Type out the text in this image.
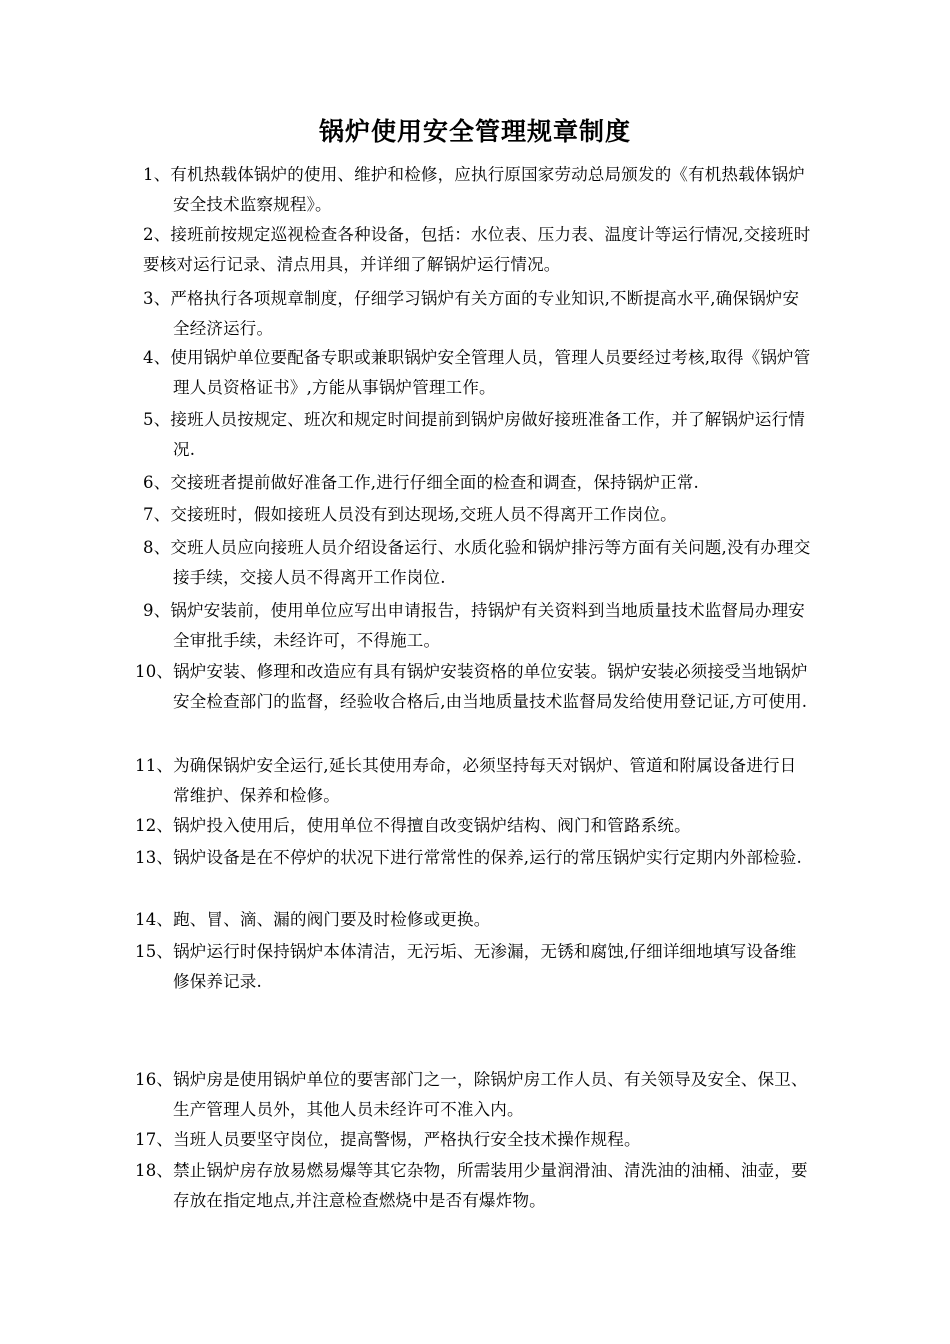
锅炉使用安全管理规章制度
1、有机热载体锅炉的使用、维护和检修，应执行原国家劳动总局颁发的《有机热载体锅炉安全技术监察规程》。
2、接班前按规定巡视检查各种设备，包括：水位表、压力表、温度计等运行情况,交接班时要核对运行记录、清点用具，并详细了解锅炉运行情况。
3、严格执行各项规章制度，仔细学习锅炉有关方面的专业知识,不断提高水平,确保锅炉安全经济运行。
4、使用锅炉单位要配备专职或兼职锅炉安全管理人员，管理人员要经过考核,取得《锅炉管理人员资格证书》,方能从事锅炉管理工作。
5、接班人员按规定、班次和规定时间提前到锅炉房做好接班准备工作，并了解锅炉运行情况.
6、交接班者提前做好准备工作,进行仔细全面的检查和调查，保持锅炉正常.
7、交接班时，假如接班人员没有到达现场,交班人员不得离开工作岗位。
8、交班人员应向接班人员介绍设备运行、水质化验和锅炉排污等方面有关问题,没有办理交接手续，交接人员不得离开工作岗位.
9、锅炉安装前，使用单位应写出申请报告，持锅炉有关资料到当地质量技术监督局办理安全审批手续，未经许可，不得施工。
10、锅炉安装、修理和改造应有具有锅炉安装资格的单位安装。锅炉安装必须接受当地锅炉安全检查部门的监督，经验收合格后,由当地质量技术监督局发给使用登记证,方可使用.
11、为确保锅炉安全运行,延长其使用寿命，必须坚持每天对锅炉、管道和附属设备进行日常维护、保养和检修。
12、锅炉投入使用后，使用单位不得擅自改变锅炉结构、阀门和管路系统。
13、锅炉设备是在不停炉的状况下进行常常性的保养,运行的常压锅炉实行定期内外部检验.
14、跑、冒、滴、漏的阀门要及时检修或更换。
15、锅炉运行时保持锅炉本体清洁，无污垢、无渗漏，无锈和腐蚀,仔细详细地填写设备维修保养记录.
16、锅炉房是使用锅炉单位的要害部门之一，除锅炉房工作人员、有关领导及安全、保卫、生产管理人员外，其他人员未经许可不准入内。
17、当班人员要坚守岗位，提高警惕，严格执行安全技术操作规程。
18、禁止锅炉房存放易燃易爆等其它杂物，所需装用少量润滑油、清洗油的油桶、油壶，要存放在指定地点,并注意检查燃烧中是否有爆炸物。
